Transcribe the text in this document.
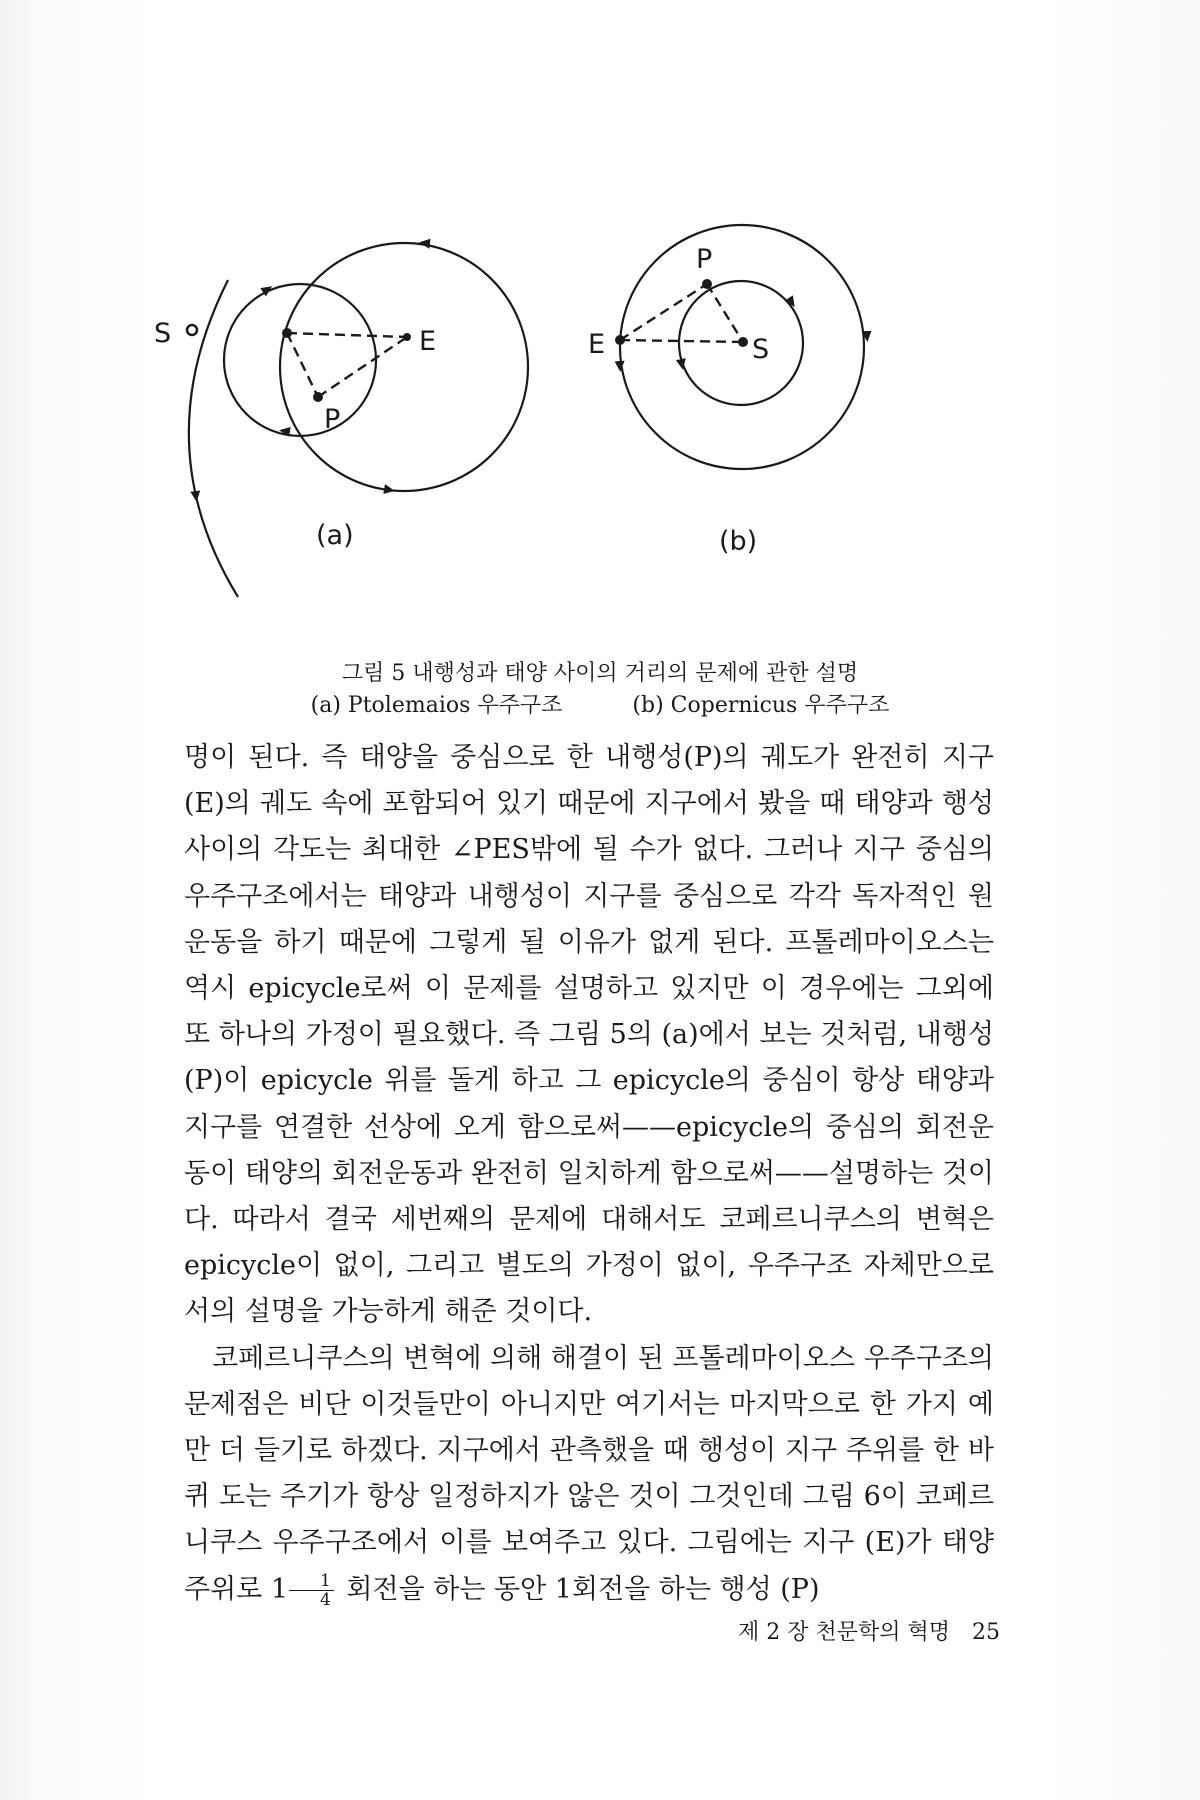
S	E
P
(a)
E
P
S
(b)
그림 5 내행성과 태양 사이의 거리의 문제에 관한 설명
(a) Ptolemaios 우주구조	(b) Copernicus 우주구조

명이 된다. 즉 태양을 중심으로 한 내행성(P)의 궤도가 완전히 지구 (E)의 궤도 속에 포함되어 있기 때문에 지구에서 봤을 때 태양과 행성 사이의 각도는 최대한 ∠PES밖에 될 수가 없다. 그러나 지구 중심의 우주구조에서는 태양과 내행성이 지구를 중심으로 각각 독자적인 원운동을 하기 때문에 그렇게 될 이유가 없게 된다. 프톨레마이오스는 역시 epicycle로써 이 문제를 설명하고 있지만 이 경우에는 그외에 또 하나의 가정이 필요했다. 즉 그림 5의 (a)에서 보는 것처럼, 내행성(P)이 epicycle 위를 돌게 하고 그 epicycle의 중심이 항상 태양과 지구를 연결한 선상에 오게 함으로써——epicycle의 중심의 회전운동이 태양의 회전운동과 완전히 일치하게 함으로써——설명하는 것이다. 따라서 결국 세번째의 문제에 대해서도 코페르니쿠스의 변혁은 epicycle이 없이, 그리고 별도의 가정이 없이, 우주구조 자체만으로서의 설명을 가능하게 해준 것이다.

코페르니쿠스의 변혁에 의해 해결이 된 프톨레마이오스 우주구조의 문제점은 비단 이것들만이 아니지만 여기서는 마지막으로 한 가지 예만 더 들기로 하겠다. 지구에서 관측했을 때 행성이 지구 주위를 한 바퀴 도는 주기가 항상 일정하지가 않은 것이 그것인데 그림 6이 코페르니쿠스 우주구조에서 이를 보여주고 있다. 그림에는 지구 (E)가 태양 주위로 $1 \frac{1}{4}$ 회전을 하는 동안 1회전을 하는 행성 (P)

제 2 장 천문학의 혁명 25
